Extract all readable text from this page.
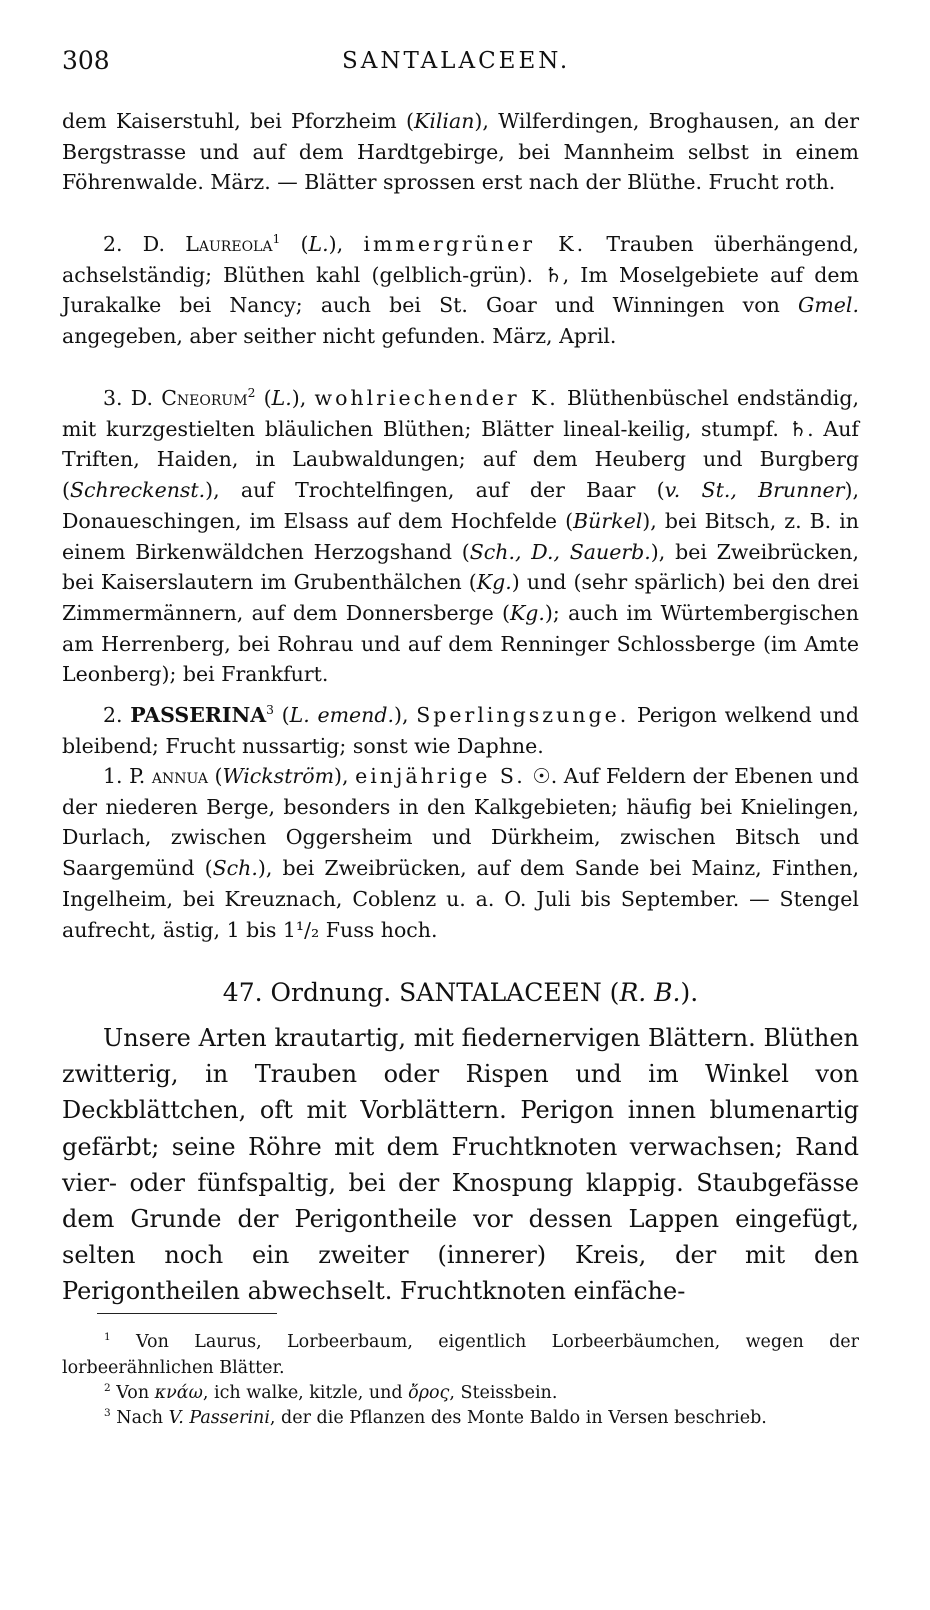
308	SANTALACEEN.

dem Kaiserstuhl, bei Pforzheim (Kilian), Wilferdingen, Broghausen, an der Bergstrasse und auf dem Hardtgebirge, bei Mannheim selbst in einem Föhrenwalde. März. — Blätter sprossen erst nach der Blüthe. Frucht roth.

2. D. Laureola$^1$ (L.), immergrüner K. Trauben überhängend, achselständig; Blüthen kahl (gelblich-grün). ♄, Im Moselgebiete auf dem Jurakalke bei Nancy; auch bei St. Goar und Winningen von Gmel. angegeben, aber seither nicht gefunden. März, April.

3. D. Cneorum$^2$ (L.), wohlriechender K. Blüthenbüschel endständig, mit kurzgestielten bläulichen Blüthen; Blätter lineal-keilig, stumpf. ♄. Auf Triften, Haiden, in Laubwaldungen; auf dem Heuberg und Burgberg (Schreckenst.), auf Trochtelfingen, auf der Baar (v. St., Brunner), Donaueschingen, im Elsass auf dem Hochfelde (Bürkel), bei Bitsch, z. B. in einem Birkenwäldchen Herzogshand (Sch., D., Sauerb.), bei Zweibrücken, bei Kaiserslautern im Grubenthälchen (Kg.) und (sehr spärlich) bei den drei Zimmermännern, auf dem Donnersberge (Kg.); auch im Würtembergischen am Herrenberg, bei Rohrau und auf dem Renninger Schlossberge (im Amte Leonberg); bei Frankfurt.

2. PASSERINA$^3$ (L. emend.), Sperlingszunge. Perigon welkend und bleibend; Frucht nussartig; sonst wie Daphne.

1. P. annua (Wickström), einjährige S. ☉. Auf Feldern der Ebenen und der niederen Berge, besonders in den Kalkgebieten; häufig bei Knielingen, Durlach, zwischen Oggersheim und Dürkheim, zwischen Bitsch und Saargemünd (Sch.), bei Zweibrücken, auf dem Sande bei Mainz, Finthen, Ingelheim, bei Kreuznach, Coblenz u. a. O. Juli bis September. — Stengel aufrecht, ästig, 1 bis 1¹/₂ Fuss hoch.

47. Ordnung. SANTALACEEN (R. B.).

Unsere Arten krautartig, mit fiedernervigen Blättern. Blüthen zwitterig, in Trauben oder Rispen und im Winkel von Deckblättchen, oft mit Vorblättern. Perigon innen blumenartig gefärbt; seine Röhre mit dem Fruchtknoten verwachsen; Rand vier- oder fünfspaltig, bei der Knospung klappig. Staubgefässe dem Grunde der Perigontheile vor dessen Lappen eingefügt, selten noch ein zweiter (innerer) Kreis, der mit den Perigontheilen abwechselt. Fruchtknoten einfäche-

$^1$ Von Laurus, Lorbeerbaum, eigentlich Lorbeerbäumchen, wegen der lorbeerähnlichen Blätter.

$^2$ Von κνάω, ich walke, kitzle, und ὄρος, Steissbein.

$^3$ Nach V. Passerini, der die Pflanzen des Monte Baldo in Versen beschrieb.
